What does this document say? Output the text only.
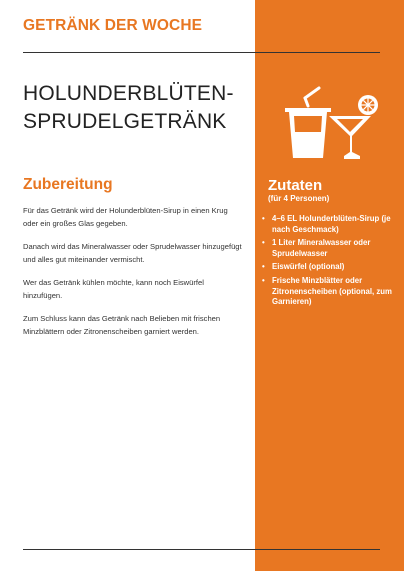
GETRÄNK DER WOCHE
HOLUNDERBLÜTEN-
SPRUDELGETRÄNK
Zubereitung

Für das Getränk wird der Holunderblüten-Sirup in einen Krug oder ein großes Glas gegeben.

Danach wird das Mineralwasser oder Sprudelwasser hinzugefügt und alles gut miteinander vermischt.

Wer das Getränk kühlen möchte, kann noch Eiswürfel hinzufügen.

Zum Schluss kann das Getränk nach Belieben mit frischen Minzblättern oder Zitronenscheiben garniert werden.

Zutaten
(für 4 Personen)
• 4–6 EL Holunderblüten-Sirup (je nach Geschmack)
• 1 Liter Mineralwasser oder Sprudelwasser
• Eiswürfel (optional)
• Frische Minzblätter oder Zitronenscheiben (optional, zum Garnieren)
